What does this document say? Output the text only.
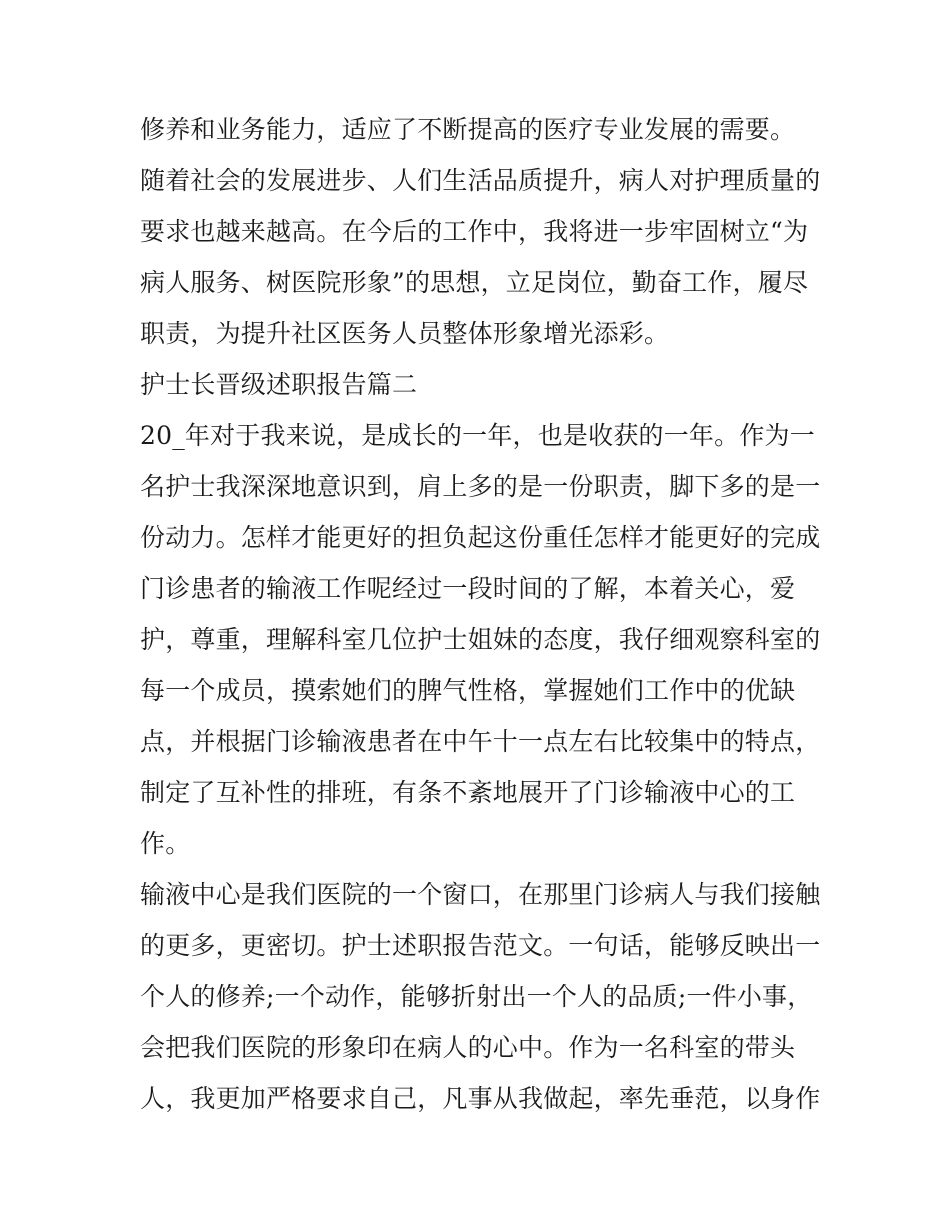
修养和业务能力，适应了不断提高的医疗专业发展的需要。
随着社会的发展进步、人们生活品质提升，病人对护理质量的
要求也越来越高。在今后的工作中，我将进一步牢固树立“为
病人服务、树医院形象”的思想，立足岗位，勤奋工作，履尽
职责，为提升社区医务人员整体形象增光添彩。
护士长晋级述职报告篇二
20_年对于我来说，是成长的一年，也是收获的一年。作为一
名护士我深深地意识到，肩上多的是一份职责，脚下多的是一
份动力。怎样才能更好的担负起这份重任怎样才能更好的完成
门诊患者的输液工作呢经过一段时间的了解，本着关心，爱
护，尊重，理解科室几位护士姐妹的态度，我仔细观察科室的
每一个成员，摸索她们的脾气性格，掌握她们工作中的优缺
点，并根据门诊输液患者在中午十一点左右比较集中的特点，
制定了互补性的排班，有条不紊地展开了门诊输液中心的工
作。
输液中心是我们医院的一个窗口，在那里门诊病人与我们接触
的更多，更密切。护士述职报告范文。一句话，能够反映出一
个人的修养;一个动作，能够折射出一个人的品质;一件小事，
会把我们医院的形象印在病人的心中。作为一名科室的带头
人，我更加严格要求自己，凡事从我做起，率先垂范，以身作
